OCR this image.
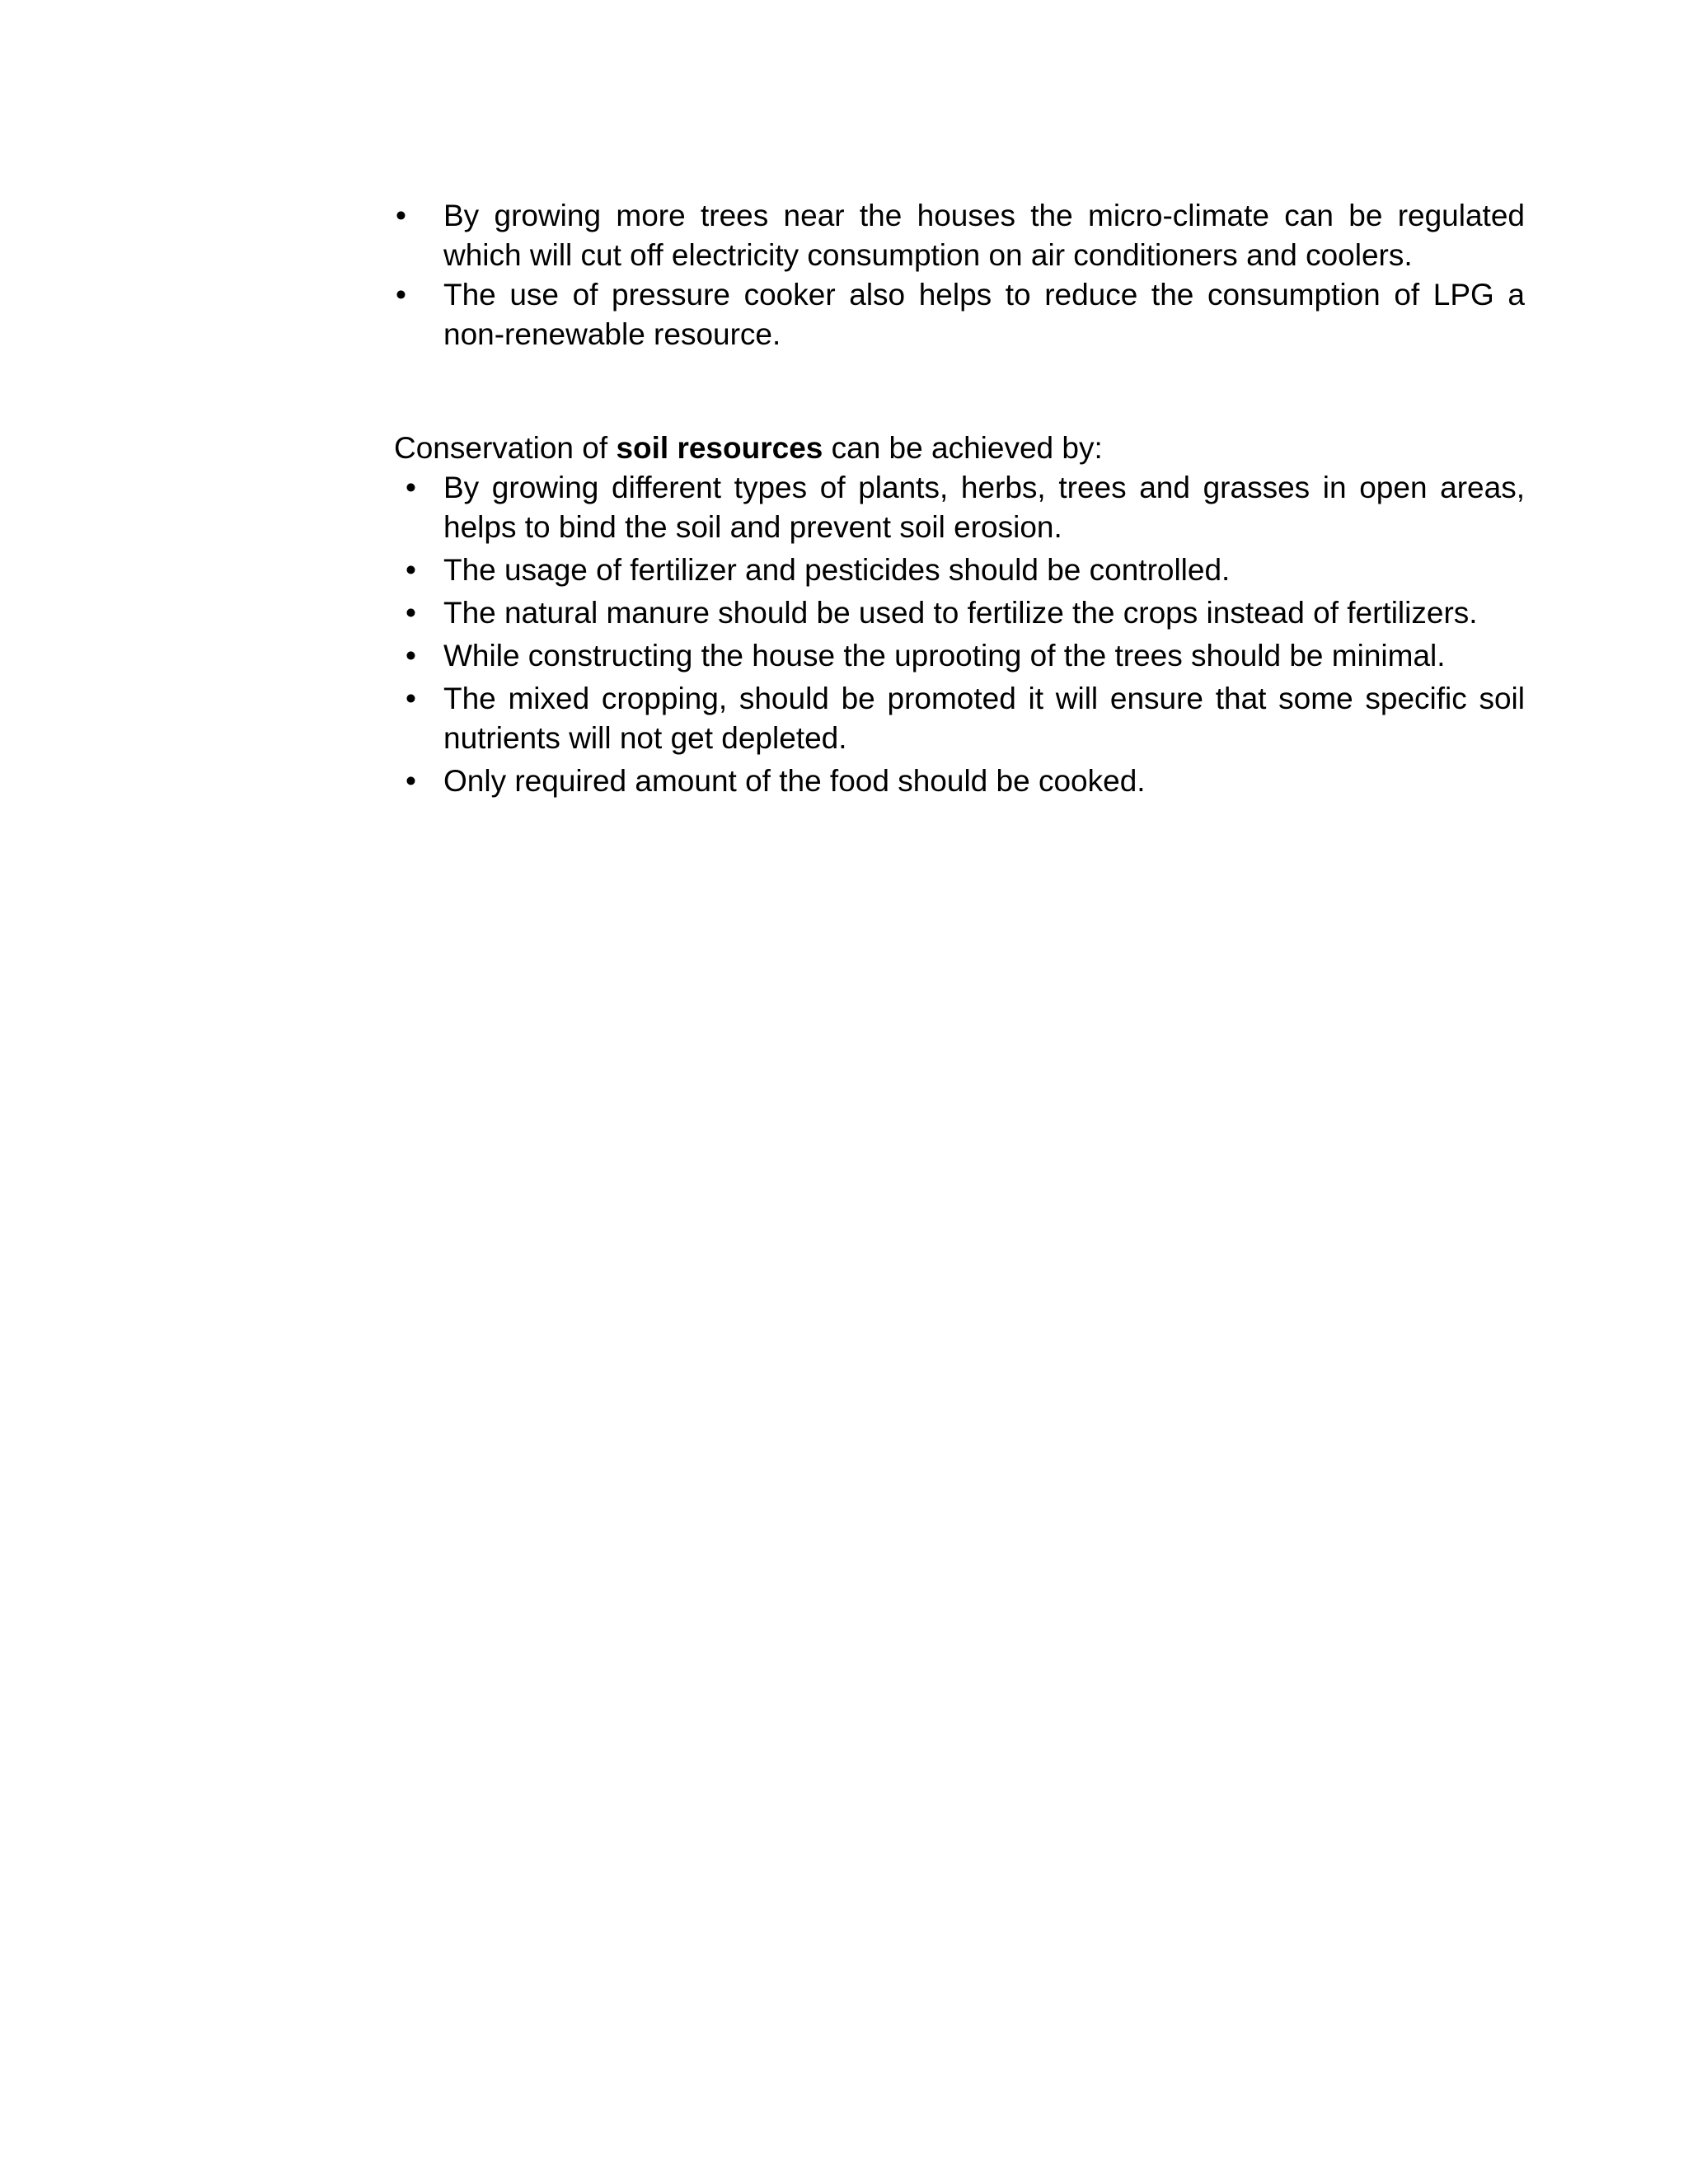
•	By growing more trees near the houses the micro-climate can be regulated which will cut off electricity consumption on air conditioners and coolers.
•	The use of pressure cooker also helps to reduce the consumption of LPG a non-renewable resource.

Conservation of soil resources can be achieved by:

• By growing different types of plants, herbs, trees and grasses in open areas, helps to bind the soil and prevent soil erosion.
• The usage of fertilizer and pesticides should be controlled.
• The natural manure should be used to fertilize the crops instead of fertilizers.
• While constructing the house the uprooting of the trees should be minimal.
• The mixed cropping, should be promoted it will ensure that some specific soil nutrients will not get depleted.
• Only required amount of the food should be cooked.
